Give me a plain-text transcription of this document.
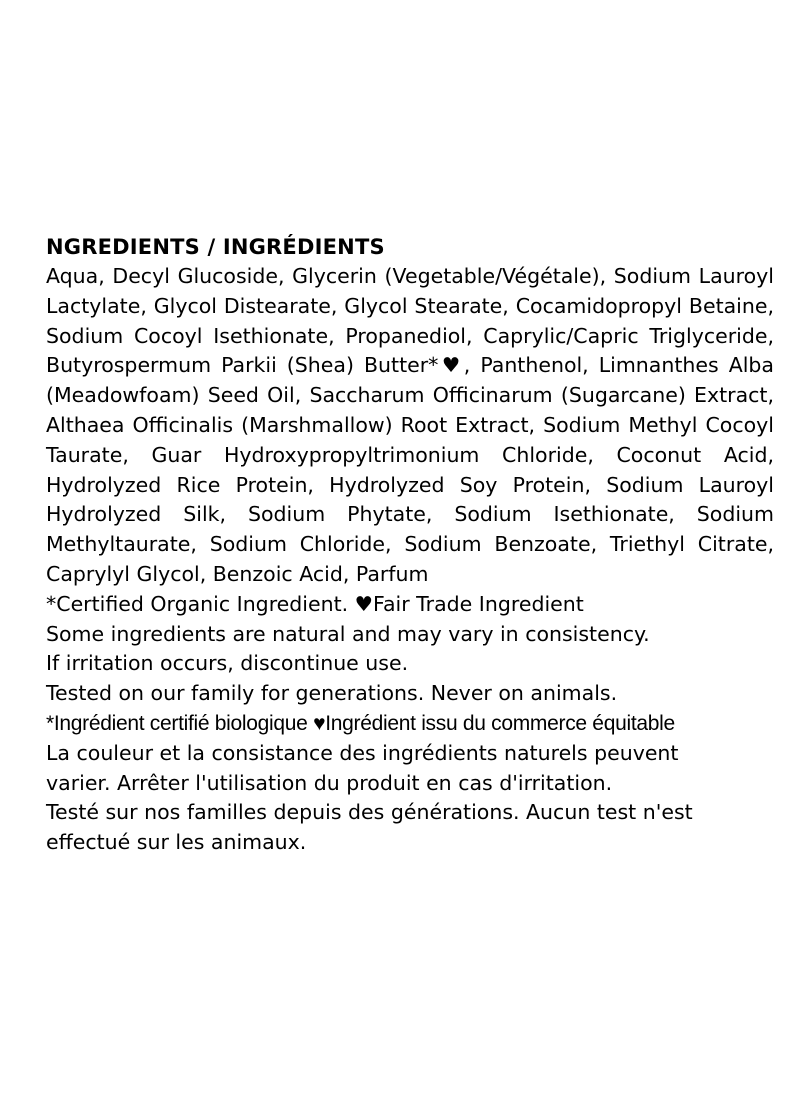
NGREDIENTS / INGRÉDIENTS

Aqua, Decyl Glucoside, Glycerin (Vegetable/Végétale), Sodium Lauroyl Lactylate, Glycol Distearate, Glycol Stearate, Cocamidopropyl Betaine, Sodium Cocoyl Isethionate, Propanediol, Caprylic/Capric Triglyceride, Butyrospermum Parkii (Shea) Butter*♥, Panthenol, Limnanthes Alba (Meadowfoam) Seed Oil, Saccharum Officinarum (Sugarcane) Extract, Althaea Officinalis (Marshmallow) Root Extract, Sodium Methyl Cocoyl Taurate, Guar Hydroxypropyltrimonium Chloride, Coconut Acid, Hydrolyzed Rice Protein, Hydrolyzed Soy Protein, Sodium Lauroyl Hydrolyzed Silk, Sodium Phytate, Sodium Isethionate, Sodium Methyltaurate, Sodium Chloride, Sodium Benzoate, Triethyl Citrate, Caprylyl Glycol, Benzoic Acid, Parfum

*Certified Organic Ingredient. ♥Fair Trade Ingredient

Some ingredients are natural and may vary in consistency.

If irritation occurs, discontinue use.

Tested on our family for generations. Never on animals.

*Ingrédient certifié biologique ♥Ingrédient issu du commerce équitable

La couleur et la consistance des ingrédients naturels peuvent varier. Arrêter l'utilisation du produit en cas d'irritation.

Testé sur nos familles depuis des générations. Aucun test n'est effectué sur les animaux.
